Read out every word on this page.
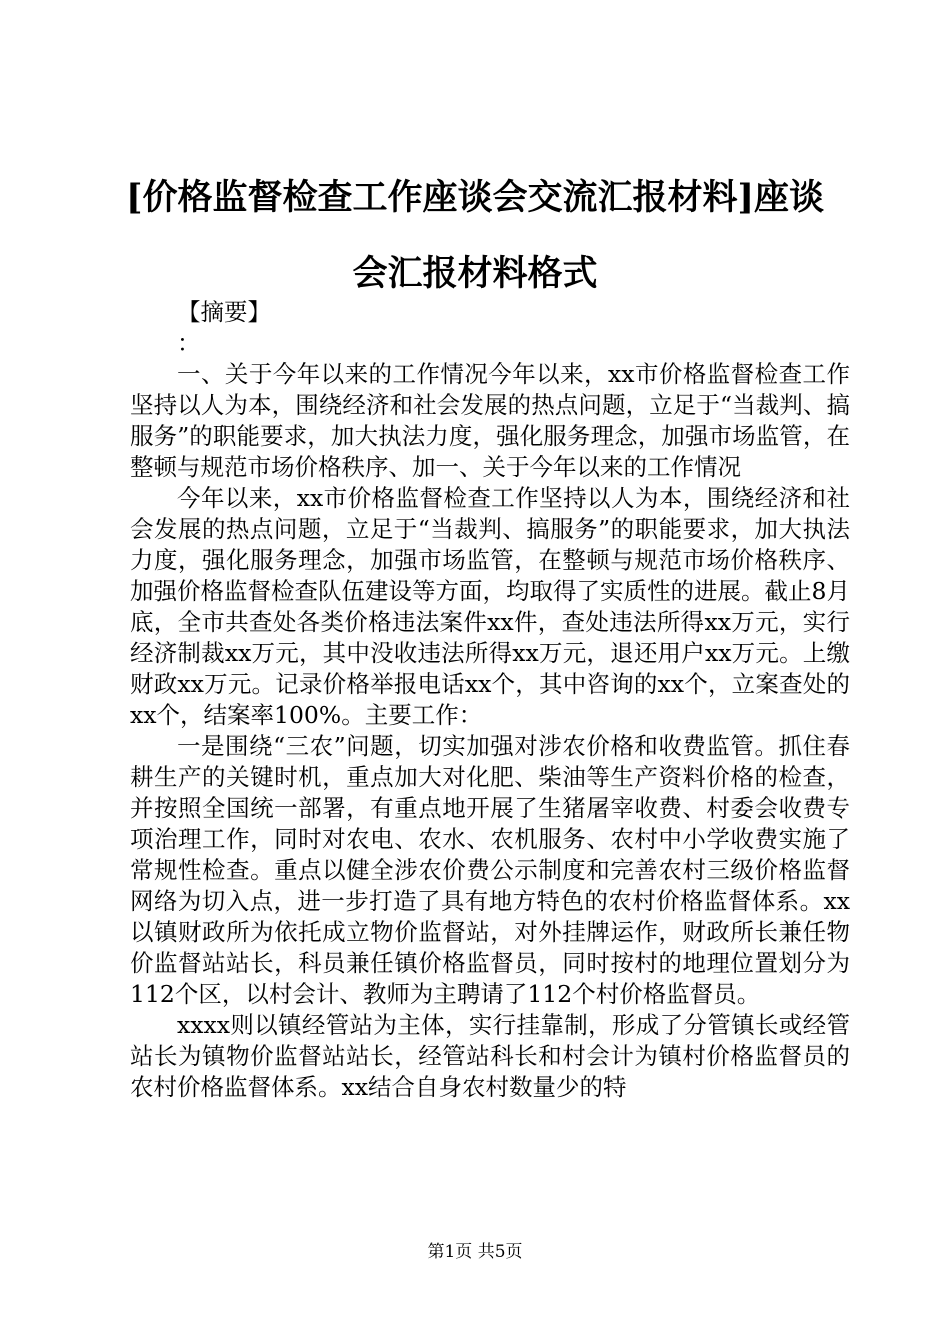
[价格监督检查工作座谈会交流汇报材料]座谈会汇报材料格式

【摘要】

：

一、关于今年以来的工作情况今年以来，xx市价格监督检查工作坚持以人为本，围绕经济和社会发展的热点问题，立足于“当裁判、搞服务”的职能要求，加大执法力度，强化服务理念，加强市场监管，在整顿与规范市场价格秩序、加一、关于今年以来的工作情况

今年以来，xx市价格监督检查工作坚持以人为本，围绕经济和社会发展的热点问题，立足于“当裁判、搞服务”的职能要求，加大执法力度，强化服务理念，加强市场监管，在整顿与规范市场价格秩序、加强价格监督检查队伍建设等方面，均取得了实质性的进展。截止8月底，全市共查处各类价格违法案件xx件，查处违法所得xx万元，实行经济制裁xx万元，其中没收违法所得xx万元，退还用户xx万元。上缴财政xx万元。记录价格举报电话xx个，其中咨询的xx个，立案查处的xx个，结案率100%。主要工作：

一是围绕“三农”问题，切实加强对涉农价格和收费监管。抓住春耕生产的关键时机，重点加大对化肥、柴油等生产资料价格的检查，并按照全国统一部署，有重点地开展了生猪屠宰收费、村委会收费专项治理工作，同时对农电、农水、农机服务、农村中小学收费实施了常规性检查。重点以健全涉农价费公示制度和完善农村三级价格监督网络为切入点，进一步打造了具有地方特色的农村价格监督体系。xx以镇财政所为依托成立物价监督站，对外挂牌运作，财政所长兼任物价监督站站长，科员兼任镇价格监督员，同时按村的地理位置划分为112个区，以村会计、教师为主聘请了112个村价格监督员。

xxxx则以镇经管站为主体，实行挂靠制，形成了分管镇长或经管站长为镇物价监督站站长，经管站科长和村会计为镇村价格监督员的农村价格监督体系。xx结合自身农村数量少的特

第1页 共5页
